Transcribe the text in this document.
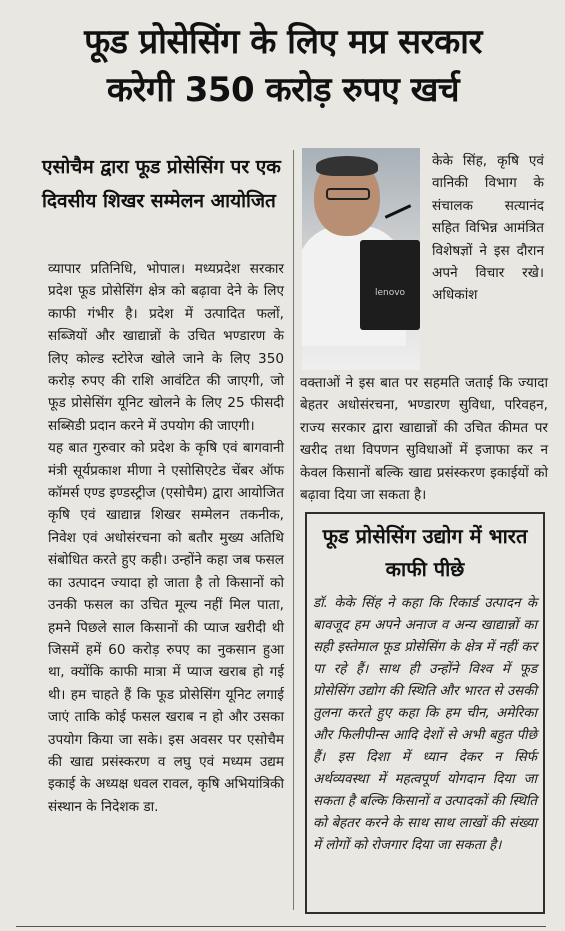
फूड प्रोसेसिंग के लिए मप्र सरकार
करेगी 350 करोड़ रुपए खर्च
एसोचैम द्वारा फूड प्रोसेसिंग पर एक दिवसीय शिखर सम्मेलन आयोजित
lenovo

केके सिंह, कृषि एवं वानिकी विभाग के संचालक सत्यानंद सहित विभिन्न आमंत्रित विशेषज्ञों ने इस दौरान अपने विचार रखे। अधिकांश

व्यापार प्रतिनिधि, भोपाल। मध्यप्रदेश सरकार प्रदेश फूड प्रोसेसिंग क्षेत्र को बढ़ावा देने के लिए काफी गंभीर है। प्रदेश में उत्पादित फलों, सब्जियों और खाद्यान्नों के उचित भण्डारण के लिए कोल्ड स्टोरेज खोले जाने के लिए 350 करोड़ रुपए की राशि आवंटित की जाएगी, जो फूड प्रोसेसिंग यूनिट खोलने के लिए 25 फीसदी सब्सिडी प्रदान करने में उपयोग की जाएगी।

यह बात गुरुवार को प्रदेश के कृषि एवं बागवानी मंत्री सूर्यप्रकाश मीणा ने एसोसिएटेड चेंबर ऑफ कॉमर्स एण्ड इण्डस्ट्रीज (एसोचैम) द्वारा आयोजित कृषि एवं खाद्यान्न शिखर सम्मेलन तकनीक, निवेश एवं अधोसंरचना को बतौर मुख्य अतिथि संबोधित करते हुए कही। उन्होंने कहा जब फसल का उत्पादन ज्यादा हो जाता है तो किसानों को उनकी फसल का उचित मूल्य नहीं मिल पाता, हमने पिछले साल किसानों की प्याज खरीदी थी जिसमें हमें 60 करोड़ रुपए का नुकसान हुआ था, क्योंकि काफी मात्रा में प्याज खराब हो गई थी। हम चाहते हैं कि फूड प्रोसेसिंग यूनिट लगाई जाएं ताकि कोई फसल खराब न हो और उसका उपयोग किया जा सके। इस अवसर पर एसोचैम की खाद्य प्रसंस्करण व लघु एवं मध्यम उद्यम इकाई के अध्यक्ष धवल रावल, कृषि अभियांत्रिकी संस्थान के निदेशक डा.

वक्ताओं ने इस बात पर सहमति जताई कि ज्यादा बेहतर अधोसंरचना, भण्डारण सुविधा, परिवहन, राज्य सरकार द्वारा खाद्यान्नों की उचित कीमत पर खरीद तथा विपणन सुविधाओं में इजाफा कर न केवल किसानों बल्कि खाद्य प्रसंस्करण इकाईयों को बढ़ावा दिया जा सकता है।

फूड प्रोसेसिंग उद्योग में भारत काफी पीछे

डॉ. केके सिंह ने कहा कि रिकार्ड उत्पादन के बावजूद हम अपने अनाज व अन्य खाद्यान्नों का सही इस्तेमाल फूड प्रोसेसिंग के क्षेत्र में नहीं कर पा रहे हैं। साथ ही उन्होंने विश्व में फूड प्रोसेसिंग उद्योग की स्थिति और भारत से उसकी तुलना करते हुए कहा कि हम चीन, अमेरिका और फिलीपीन्स आदि देशों से अभी बहुत पीछे हैं। इस दिशा में ध्यान देकर न सिर्फ अर्थव्यवस्था में महत्वपूर्ण योगदान दिया जा सकता है बल्कि किसानों व उत्पादकों की स्थिति को बेहतर करने के साथ साथ लाखों की संख्या में लोगों को रोजगार दिया जा सकता है।
